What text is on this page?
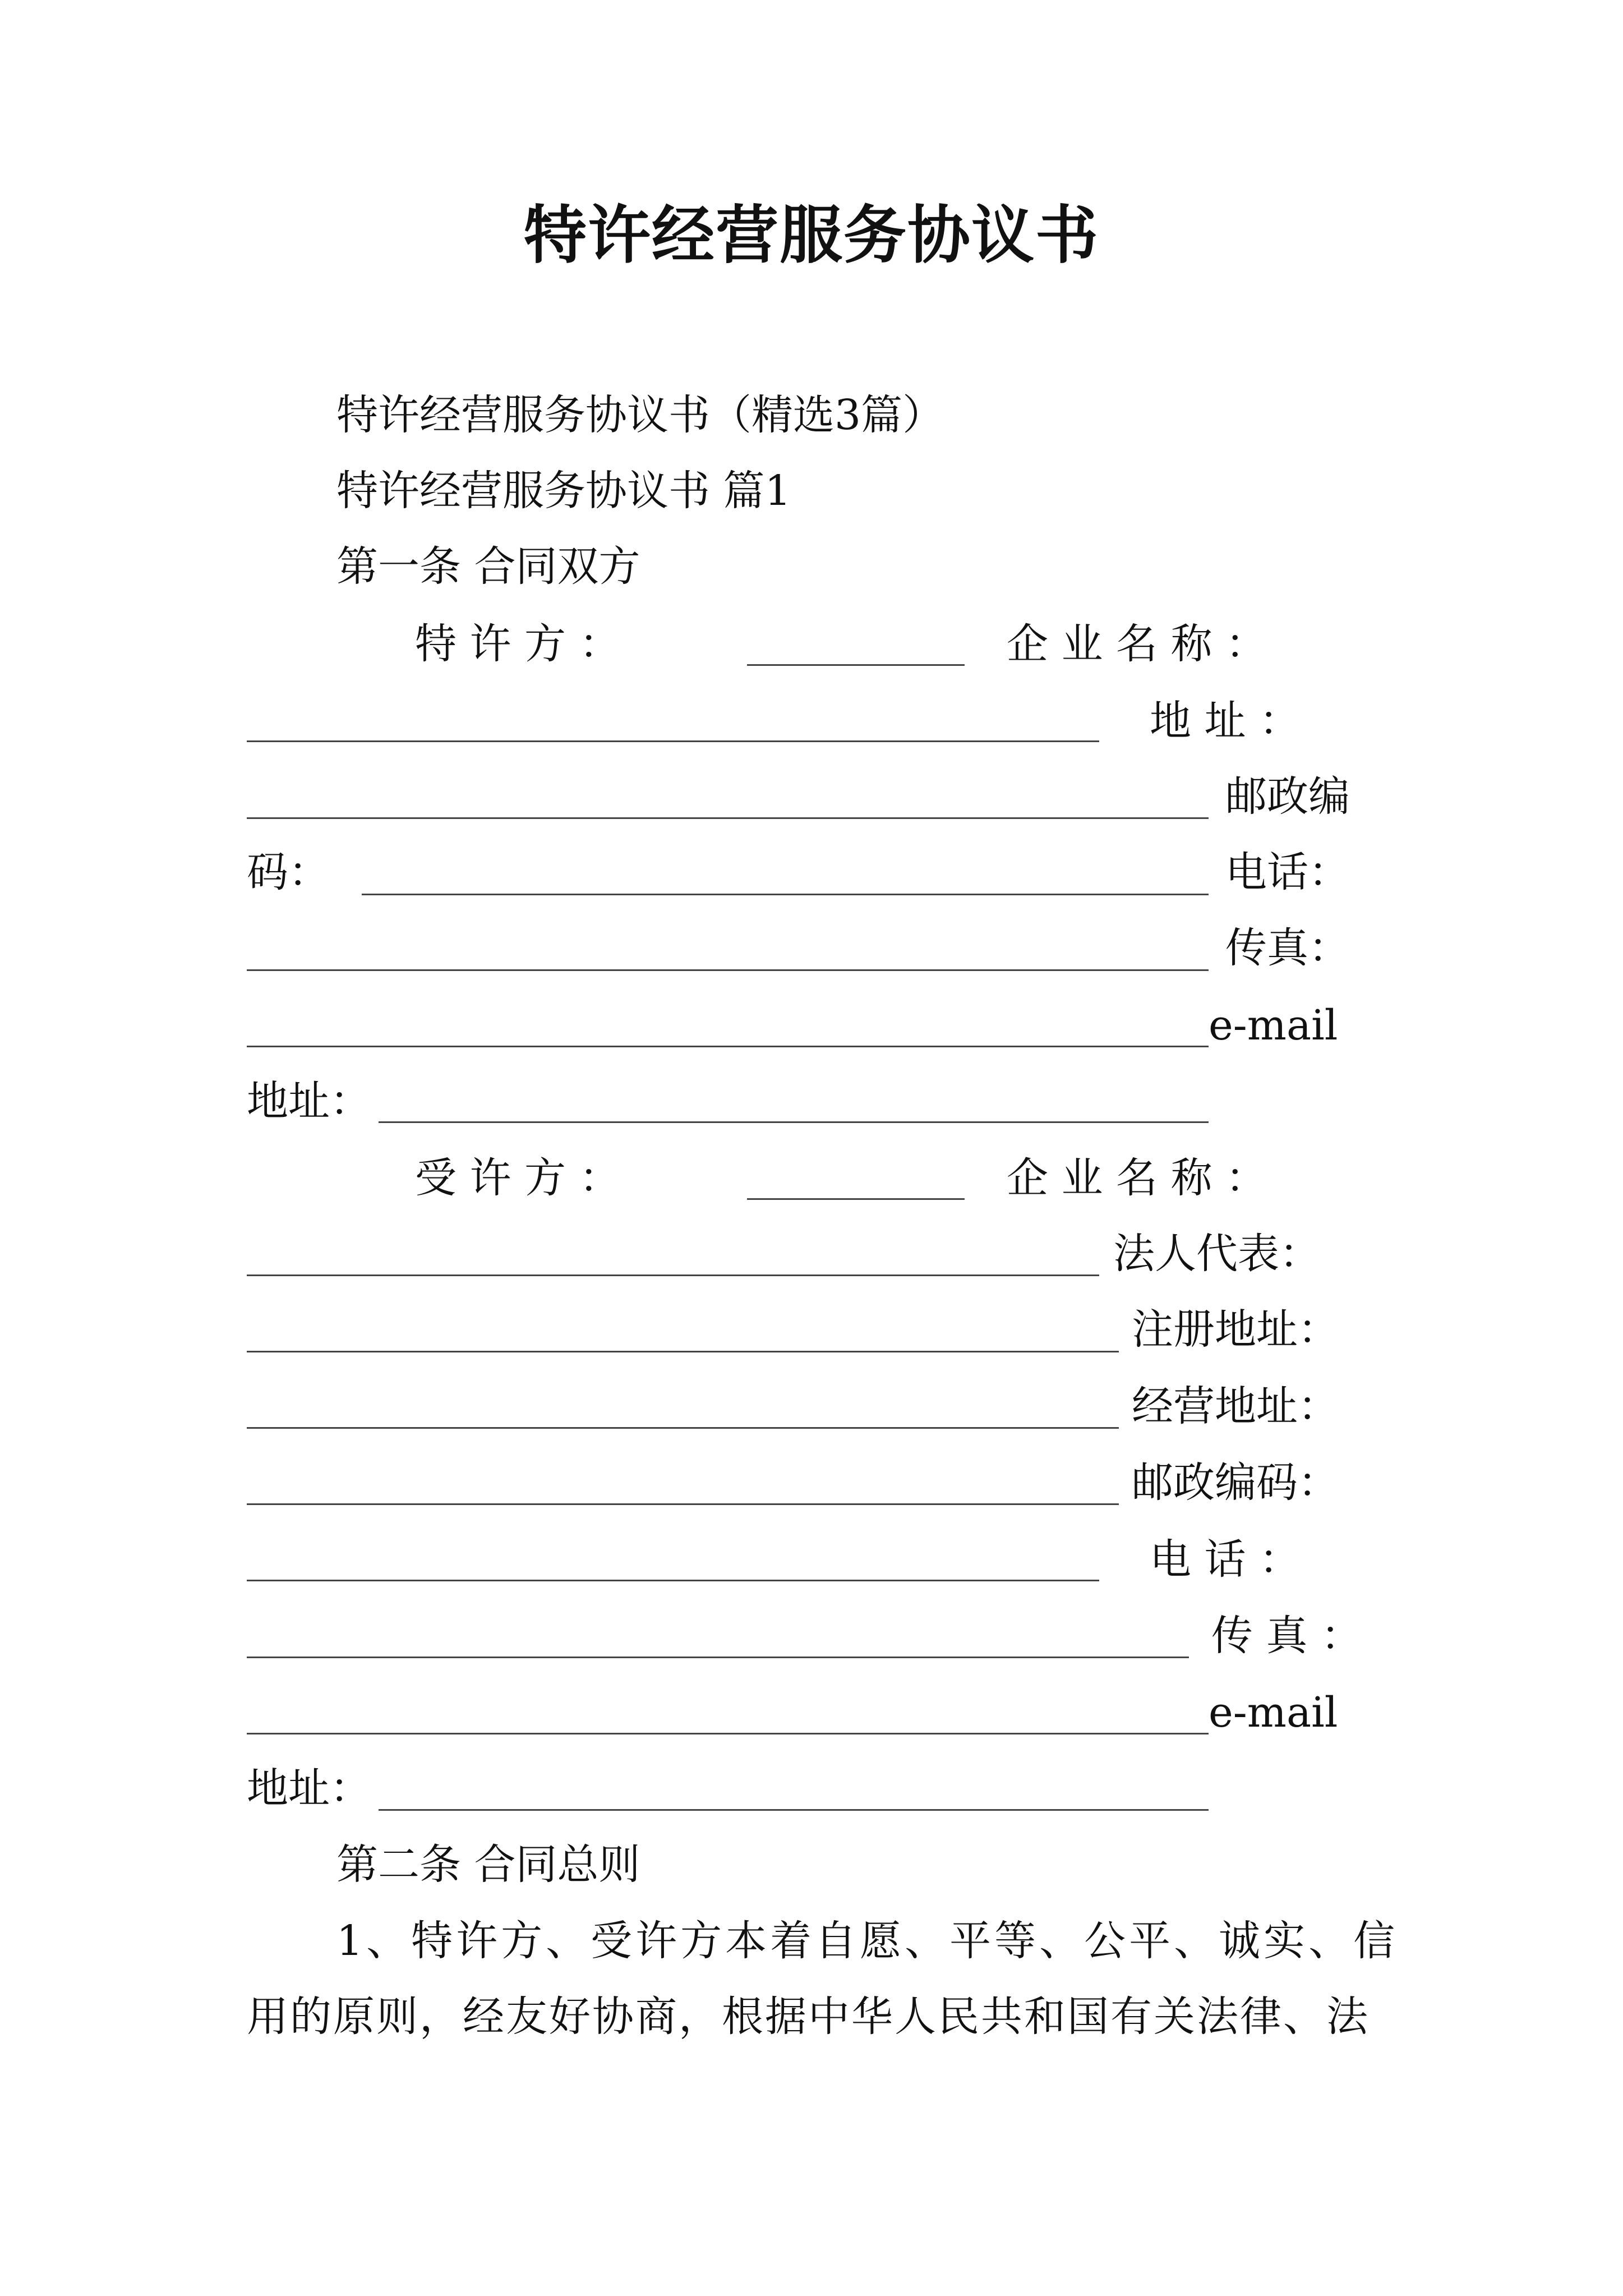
特许经营服务协议书
特许经营服务协议书（精选3篇）
特许经营服务协议书 篇1
第一条 合同双方
特 许 方 ：	企 业 名 称 ：
地 址 ：
邮政编
码：	电话：
传真：
e-mail
地址：
受 许 方 ：	企 业 名 称 ：
法人代表：
注册地址：
经营地址：
邮政编码：
电 话 ：
传 真 ：
e-mail
地址：
第二条 合同总则
1、特许方、受许方本着自愿、平等、公平、诚实、信
用的原则，经友好协商，根据中华人民共和国有关法律、法
